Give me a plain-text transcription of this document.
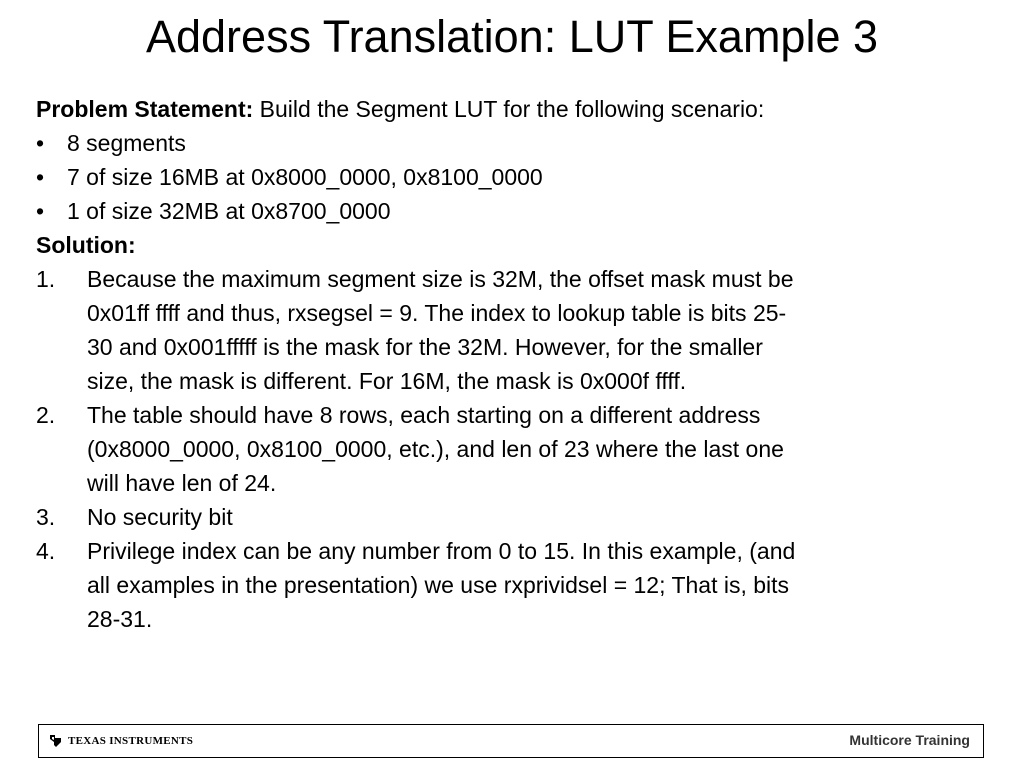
Address Translation: LUT Example 3

Problem Statement: Build the Segment LUT for the following scenario:

• 8 segments
• 7 of size 16MB at 0x8000_0000, 0x8100_0000
• 1 of size 32MB at 0x8700_0000

Solution:

1. Because the maximum segment size is 32M, the offset mask must be
0x01ff ffff and thus, rxsegsel = 9. The index to lookup table is bits 25-
30 and 0x001fffff is the mask for the 32M. However, for the smaller
size, the mask is different. For 16M, the mask is 0x000f ffff.
2. The table should have 8 rows, each starting on a different address
(0x8000_0000, 0x8100_0000, etc.), and len of 23 where the last one
will have len of 24.
3. No security bit
4. Privilege index can be any number from 0 to 15. In this example, (and
all examples in the presentation) we use rxprividsel = 12; That is, bits
28-31.
TEXAS INSTRUMENTS	Multicore Training
